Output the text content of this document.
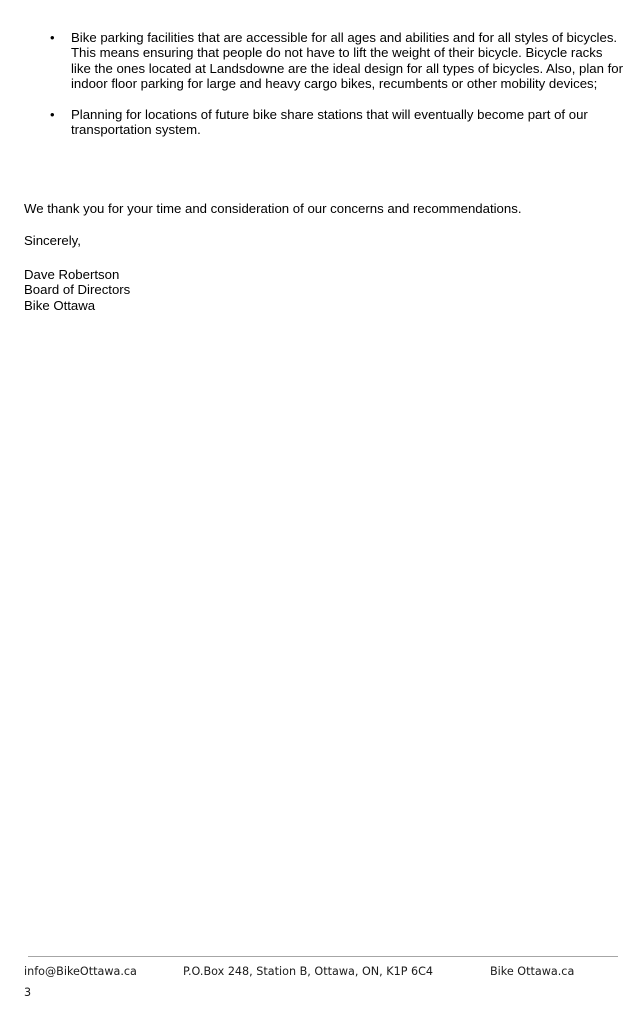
• Bike parking facilities that are accessible for all ages and abilities and for all styles of bicycles. This means ensuring that people do not have to lift the weight of their bicycle. Bicycle racks like the ones located at Landsdowne are the ideal design for all types of bicycles. Also, plan for indoor floor parking for large and heavy cargo bikes, recumbents or other mobility devices;
• Planning for locations of future bike share stations that will eventually become part of our transportation system.

We thank you for your time and consideration of our concerns and recommendations.

Sincerely,

Dave Robertson
Board of Directors
Bike Ottawa
info@BikeOttawa.ca	P.O.Box 248, Station B, Ottawa, ON, K1P 6C4	Bike Ottawa.ca
3
